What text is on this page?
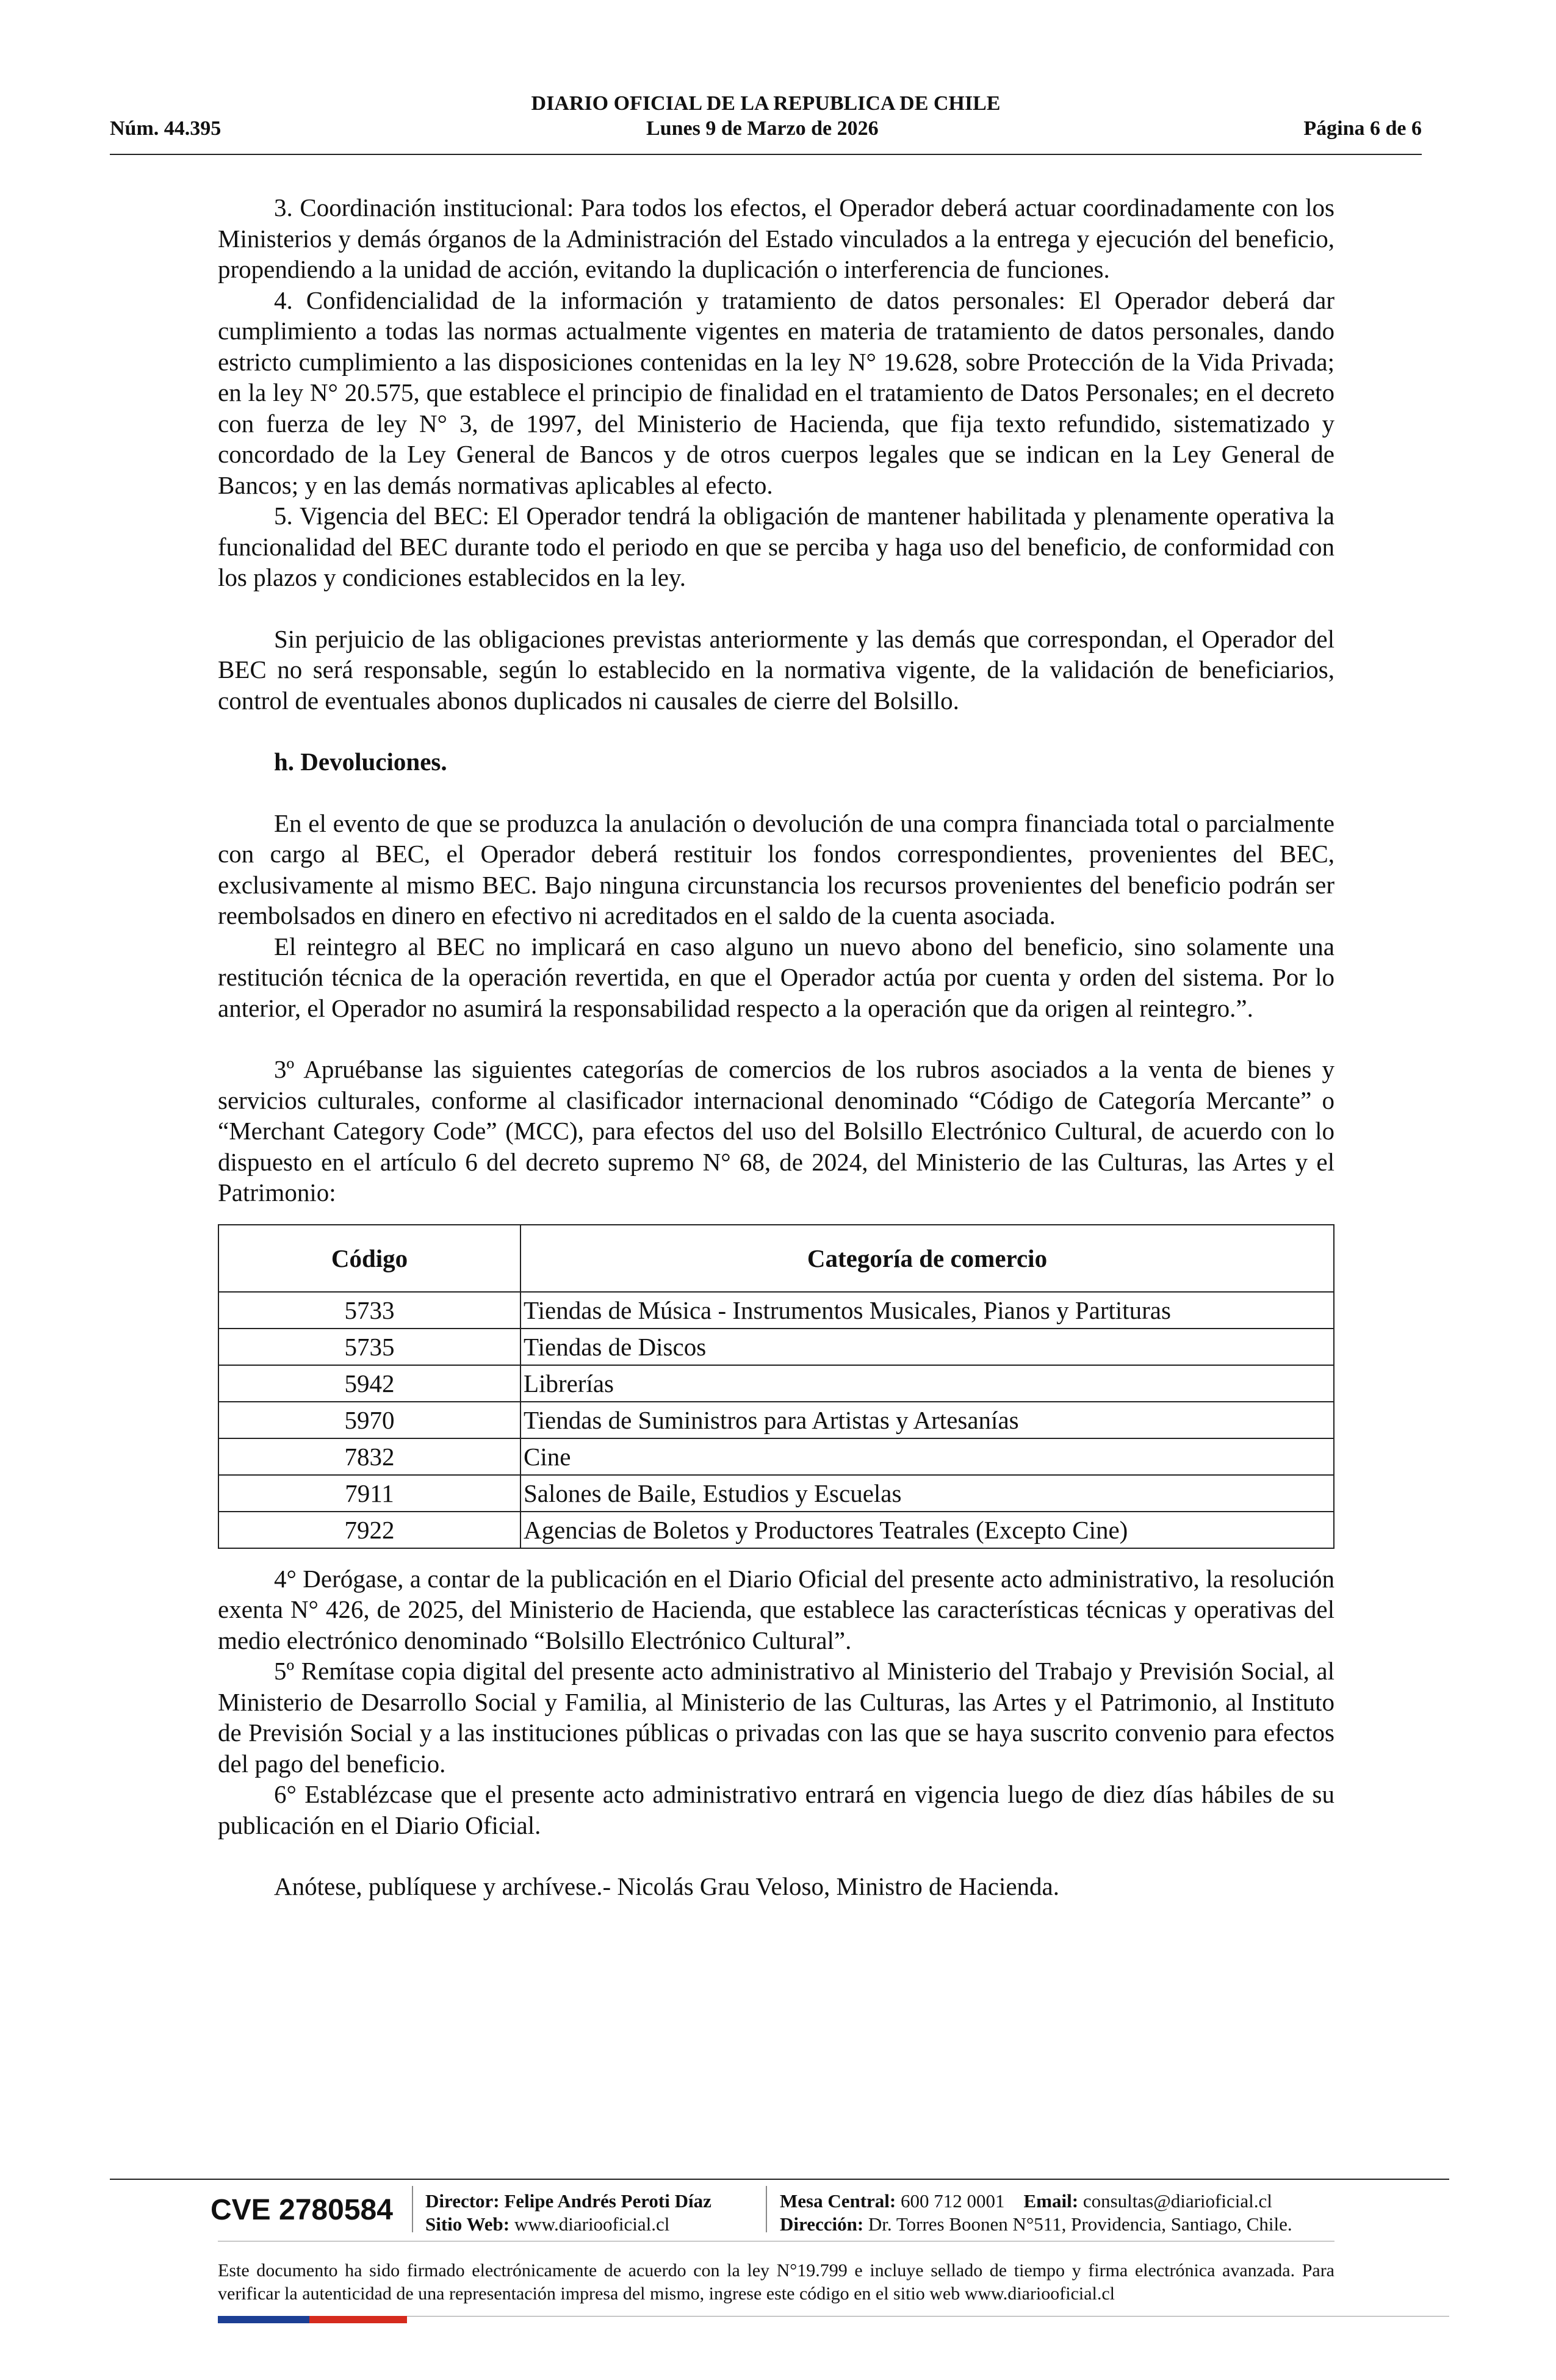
DIARIO OFICIAL DE LA REPUBLICA DE CHILE
Núm. 44.395	Lunes 9 de Marzo de 2026	Página 6 de 6

3. Coordinación institucional: Para todos los efectos, el Operador deberá actuar coordinadamente con los Ministerios y demás órganos de la Administración del Estado vinculados a la entrega y ejecución del beneficio, propendiendo a la unidad de acción, evitando la duplicación o interferencia de funciones.

4. Confidencialidad de la información y tratamiento de datos personales: El Operador deberá dar cumplimiento a todas las normas actualmente vigentes en materia de tratamiento de datos personales, dando estricto cumplimiento a las disposiciones contenidas en la ley N° 19.628, sobre Protección de la Vida Privada; en la ley N° 20.575, que establece el principio de finalidad en el tratamiento de Datos Personales; en el decreto con fuerza de ley N° 3, de 1997, del Ministerio de Hacienda, que fija texto refundido, sistematizado y concordado de la Ley General de Bancos y de otros cuerpos legales que se indican en la Ley General de Bancos; y en las demás normativas aplicables al efecto.

5. Vigencia del BEC: El Operador tendrá la obligación de mantener habilitada y plenamente operativa la funcionalidad del BEC durante todo el periodo en que se perciba y haga uso del beneficio, de conformidad con los plazos y condiciones establecidos en la ley.

Sin perjuicio de las obligaciones previstas anteriormente y las demás que correspondan, el Operador del BEC no será responsable, según lo establecido en la normativa vigente, de la validación de beneficiarios, control de eventuales abonos duplicados ni causales de cierre del Bolsillo.

h. Devoluciones.

En el evento de que se produzca la anulación o devolución de una compra financiada total o parcialmente con cargo al BEC, el Operador deberá restituir los fondos correspondientes, provenientes del BEC, exclusivamente al mismo BEC. Bajo ninguna circunstancia los recursos provenientes del beneficio podrán ser reembolsados en dinero en efectivo ni acreditados en el saldo de la cuenta asociada.

El reintegro al BEC no implicará en caso alguno un nuevo abono del beneficio, sino solamente una restitución técnica de la operación revertida, en que el Operador actúa por cuenta y orden del sistema. Por lo anterior, el Operador no asumirá la responsabilidad respecto a la operación que da origen al reintegro.”.

3º Apruébanse las siguientes categorías de comercios de los rubros asociados a la venta de bienes y servicios culturales, conforme al clasificador internacional denominado “Código de Categoría Mercante” o “Merchant Category Code” (MCC), para efectos del uso del Bolsillo Electrónico Cultural, de acuerdo con lo dispuesto en el artículo 6 del decreto supremo N° 68, de 2024, del Ministerio de las Culturas, las Artes y el Patrimonio:

Código	Categoría de comercio
5733	Tiendas de Música - Instrumentos Musicales, Pianos y Partituras
5735	Tiendas de Discos
5942	Librerías
5970	Tiendas de Suministros para Artistas y Artesanías
7832	Cine
7911	Salones de Baile, Estudios y Escuelas
7922	Agencias de Boletos y Productores Teatrales (Excepto Cine)

4° Derógase, a contar de la publicación en el Diario Oficial del presente acto administrativo, la resolución exenta N° 426, de 2025, del Ministerio de Hacienda, que establece las características técnicas y operativas del medio electrónico denominado “Bolsillo Electrónico Cultural”.

5º Remítase copia digital del presente acto administrativo al Ministerio del Trabajo y Previsión Social, al Ministerio de Desarrollo Social y Familia, al Ministerio de las Culturas, las Artes y el Patrimonio, al Instituto de Previsión Social y a las instituciones públicas o privadas con las que se haya suscrito convenio para efectos del pago del beneficio.

6° Establézcase que el presente acto administrativo entrará en vigencia luego de diez días hábiles de su publicación en el Diario Oficial.

Anótese, publíquese y archívese.- Nicolás Grau Veloso, Ministro de Hacienda.

CVE 2780584 Director: Felipe Andrés Peroti Díaz
Sitio Web: www.diariooficial.cl
Mesa Central: 600 712 0001 Email: consultas@diarioficial.cl
Dirección: Dr. Torres Boonen N°511, Providencia, Santiago, Chile.
Este documento ha sido firmado electrónicamente de acuerdo con la ley N°19.799 e incluye sellado de tiempo y firma electrónica avanzada. Para verificar la autenticidad de una representación impresa del mismo, ingrese este código en el sitio web www.diariooficial.cl
